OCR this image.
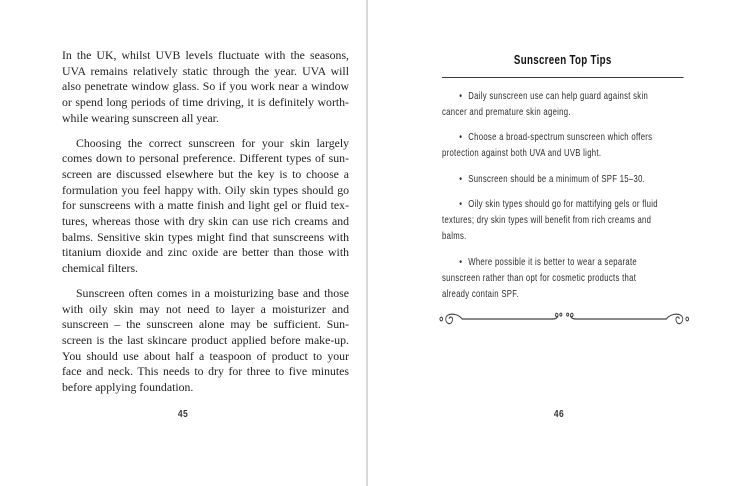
In the UK, whilst UVB levels fluctuate with the seasons,
UVA remains relatively static through the year. UVA will
also penetrate window glass. So if you work near a window
or spend long periods of time driving, it is definitely worth-
while wearing sunscreen all year.
Choosing the correct sunscreen for your skin largely
comes down to personal preference. Different types of sun-
screen are discussed elsewhere but the key is to choose a
formulation you feel happy with. Oily skin types should go
for sunscreens with a matte finish and light gel or fluid tex-
tures, whereas those with dry skin can use rich creams and
balms. Sensitive skin types might find that sunscreens with
titanium dioxide and zinc oxide are better than those with
chemical filters.
Sunscreen often comes in a moisturizing base and those
with oily skin may not need to layer a moisturizer and
sunscreen – the sunscreen alone may be sufficient. Sun-
screen is the last skincare product applied before make-up.
You should use about half a teaspoon of product to your
face and neck. This needs to dry for three to five minutes
before applying foundation.
45
Sunscreen Top Tips
• Daily sunscreen use can help guard against skin
cancer and premature skin ageing.
• Choose a broad-spectrum sunscreen which offers
protection against both UVA and UVB light.
• Sunscreen should be a minimum of SPF 15–30.
• Oily skin types should go for mattifying gels or fluid
textures; dry skin types will benefit from rich creams and
balms.
• Where possible it is better to wear a separate
sunscreen rather than opt for cosmetic products that
already contain SPF.
46
